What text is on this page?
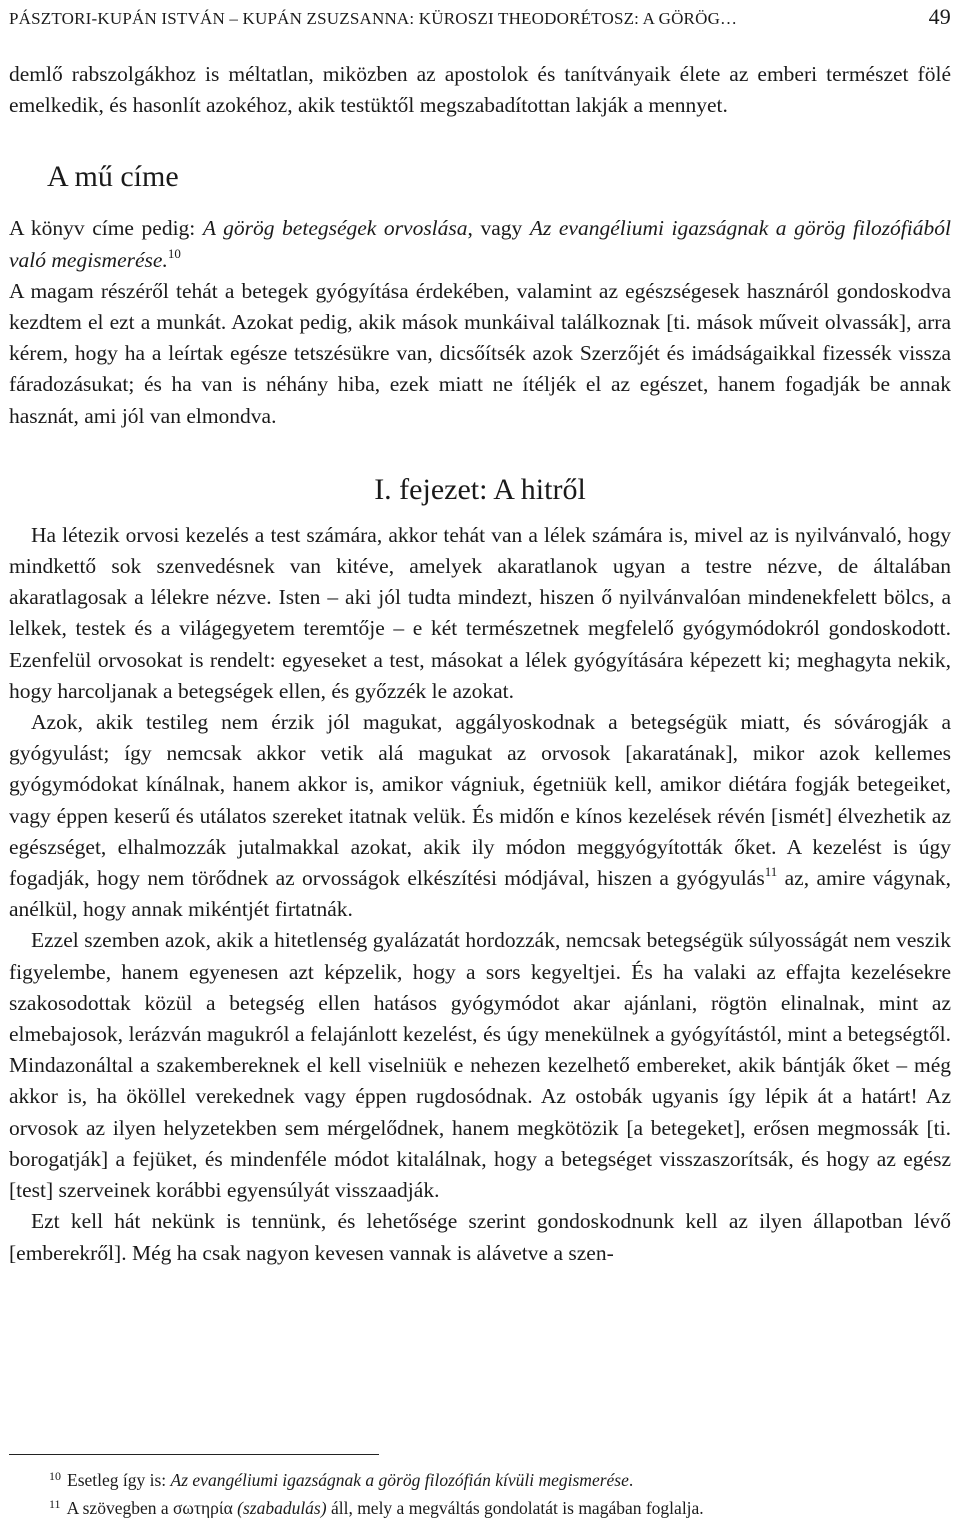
PÁSZTORI-KUPÁN ISTVÁN – KUPÁN ZSUZSANNA: KÜROSZI THEODORÉTOSZ: A GÖRÖG…	49

demlő rabszolgákhoz is méltatlan, miközben az apostolok és tanítványaik élete az emberi természet fölé emelkedik, és hasonlít azokéhoz, akik testüktől megszabadítottan lakják a mennyet.

A mű címe

A könyv címe pedig: A görög betegségek orvoslása, vagy Az evangéliumi igazságnak a görög filozófiából való megismerése.$^{10}$

A magam részéről tehát a betegek gyógyítása érdekében, valamint az egészségesek hasznáról gondoskodva kezdtem el ezt a munkát. Azokat pedig, akik mások munkáival találkoznak [ti. mások műveit olvassák], arra kérem, hogy ha a leírtak egésze tetszésükre van, dicsőítsék azok Szerzőjét és imádságaikkal fizessék vissza fáradozásukat; és ha van is néhány hiba, ezek miatt ne ítéljék el az egészet, hanem fogadják be annak hasznát, ami jól van elmondva.

I. fejezet: A hitről

Ha létezik orvosi kezelés a test számára, akkor tehát van a lélek számára is, mivel az is nyilvánvaló, hogy mindkettő sok szenvedésnek van kitéve, amelyek akaratlanok ugyan a testre nézve, de általában akaratlagosak a lélekre nézve. Isten – aki jól tudta mindezt, hiszen ő nyilvánvalóan mindenekfelett bölcs, a lelkek, testek és a világegyetem teremtője – e két természetnek megfelelő gyógymódokról gondoskodott. Ezenfelül orvosokat is rendelt: egyeseket a test, másokat a lélek gyógyítására képezett ki; meghagyta nekik, hogy harcoljanak a betegségek ellen, és győzzék le azokat.

Azok, akik testileg nem érzik jól magukat, aggályoskodnak a betegségük miatt, és sóvárogják a gyógyulást; így nemcsak akkor vetik alá magukat az orvosok [akaratának], mikor azok kellemes gyógymódokat kínálnak, hanem akkor is, amikor vágniuk, égetniük kell, amikor diétára fogják betegeiket, vagy éppen keserű és utálatos szereket itatnak velük. És midőn e kínos kezelések révén [ismét] élvezhetik az egészséget, elhalmozzák jutalmakkal azokat, akik ily módon meggyógyították őket. A kezelést is úgy fogadják, hogy nem törődnek az orvosságok elkészítési módjával, hiszen a gyógyulás$^{11}$ az, amire vágynak, anélkül, hogy annak mikéntjét firtatnák.

Ezzel szemben azok, akik a hitetlenség gyalázatát hordozzák, nemcsak betegségük súlyosságát nem veszik figyelembe, hanem egyenesen azt képzelik, hogy a sors kegyeltjei. És ha valaki az effajta kezelésekre szakosodottak közül a betegség ellen hatásos gyógymódot akar ajánlani, rögtön elinalnak, mint az elmebajosok, lerázván magukról a felajánlott kezelést, és úgy menekülnek a gyógyítástól, mint a betegségtől. Mindazonáltal a szakembereknek el kell viselniük e nehezen kezelhető embereket, akik bántják őket – még akkor is, ha ököllel verekednek vagy éppen rugdosódnak. Az ostobák ugyanis így lépik át a határt! Az orvosok az ilyen helyzetekben sem mérgelődnek, hanem megkötözik [a betegeket], erősen megmossák [ti. borogatják] a fejüket, és mindenféle módot kitalálnak, hogy a betegséget visszaszorítsák, és hogy az egész [test] szerveinek korábbi egyensúlyát visszaadják.

Ezt kell hát nekünk is tennünk, és lehetősége szerint gondoskodnunk kell az ilyen állapotban lévő [emberekről]. Még ha csak nagyon kevesen vannak is alávetve a szen-

$^{10}$ Esetleg így is: Az evangéliumi igazságnak a görög filozófián kívüli megismerése.
$^{11}$ A szövegben a σωτηρία (szabadulás) áll, mely a megváltás gondolatát is magában foglalja.
